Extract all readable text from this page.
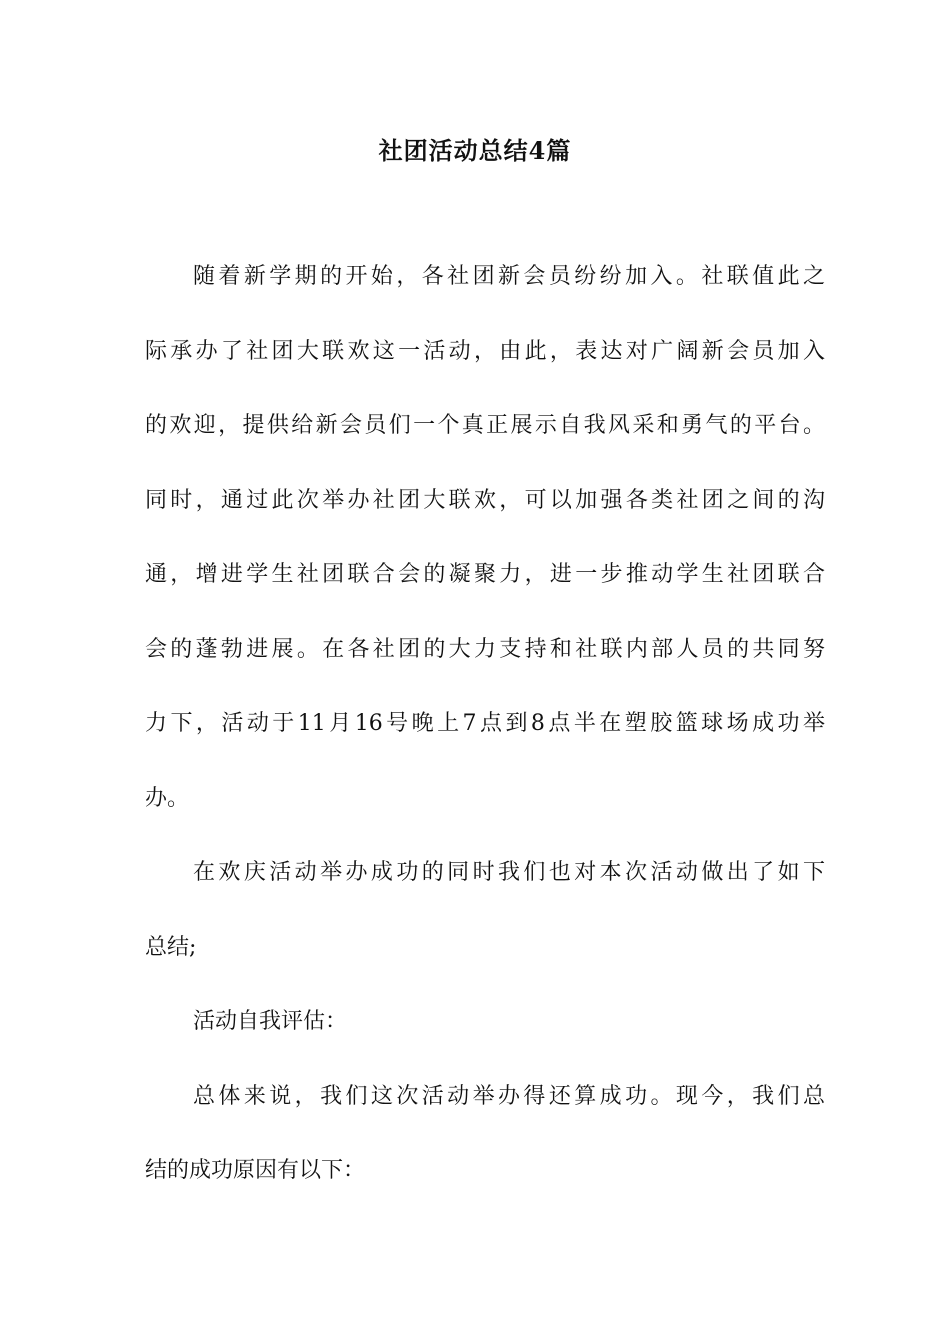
社团活动总结4篇
随着新学期的开始，各社团新会员纷纷加入。社联值此之
际承办了社团大联欢这一活动，由此，表达对广阔新会员加入
的欢迎，提供给新会员们一个真正展示自我风采和勇气的平台。
同时，通过此次举办社团大联欢，可以加强各类社团之间的沟
通，增进学生社团联合会的凝聚力，进一步推动学生社团联合
会的蓬勃进展。在各社团的大力支持和社联内部人员的共同努
力下，活动于11月16号晚上7点到8点半在塑胶篮球场成功举
办。
在欢庆活动举办成功的同时我们也对本次活动做出了如下
总结;
活动自我评估：
总体来说，我们这次活动举办得还算成功。现今，我们总
结的成功原因有以下：
